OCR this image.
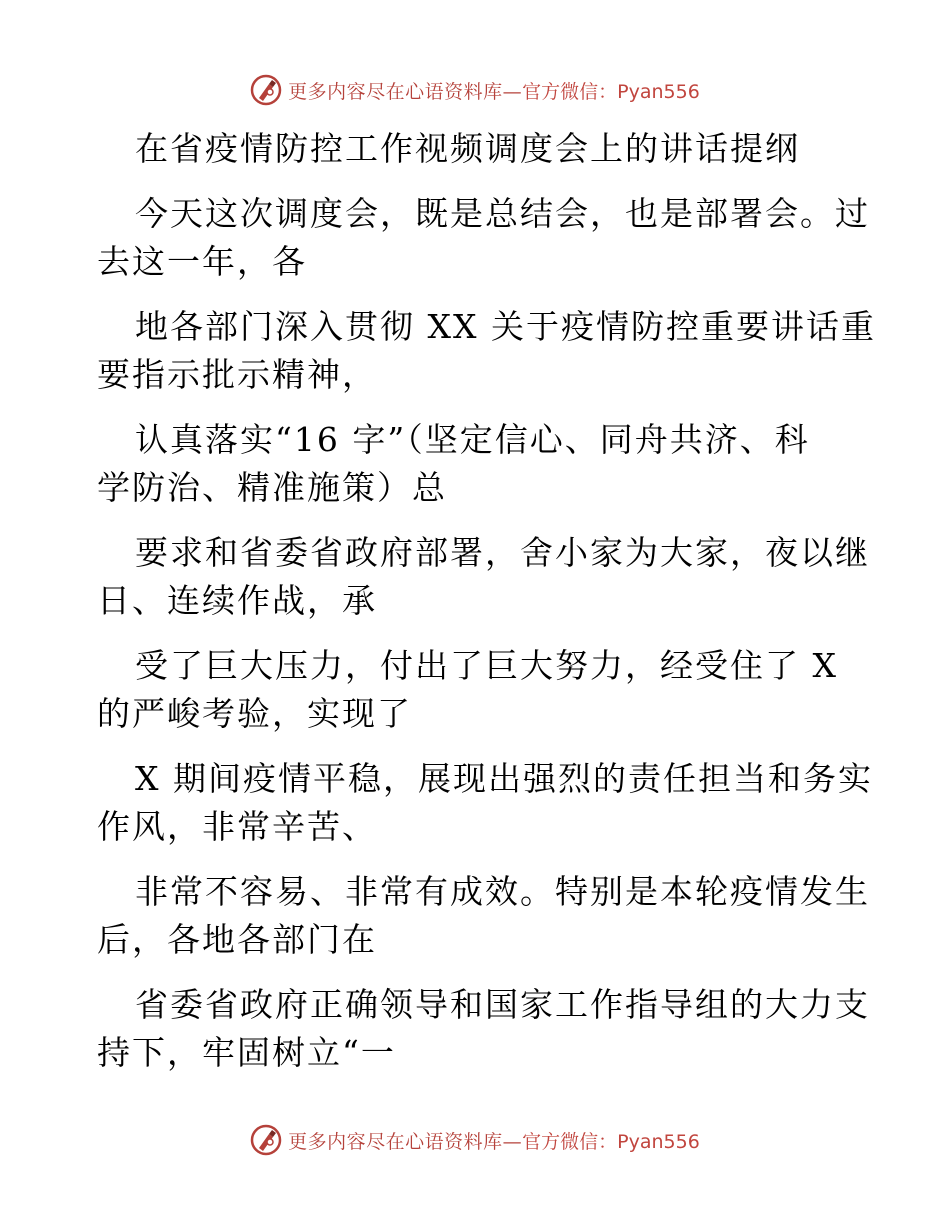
更多内容尽在心语资料库— 官方微信：Pyan556
在省疫情防控工作视频调度会上的讲话提纲
今天这次调度会，既是总结会，也是部署会。过
去这一年，各
地各部门深入贯彻 XX 关于疫情防控重要讲话重
要指示批示精神，
认真落实“16 字”（坚定信心、同舟共济、科
学防治、精准施策）总
要求和省委省政府部署，舍小家为大家，夜以继
日、连续作战，承
受了巨大压力，付出了巨大努力，经受住了 X
的严峻考验，实现了
X 期间疫情平稳，展现出强烈的责任担当和务实
作风，非常辛苦、
非常不容易、非常有成效。特别是本轮疫情发生
后，各地各部门在
省委省政府正确领导和国家工作指导组的大力支
持下，牢固树立“一
更多内容尽在心语资料库— 官方微信：Pyan556
